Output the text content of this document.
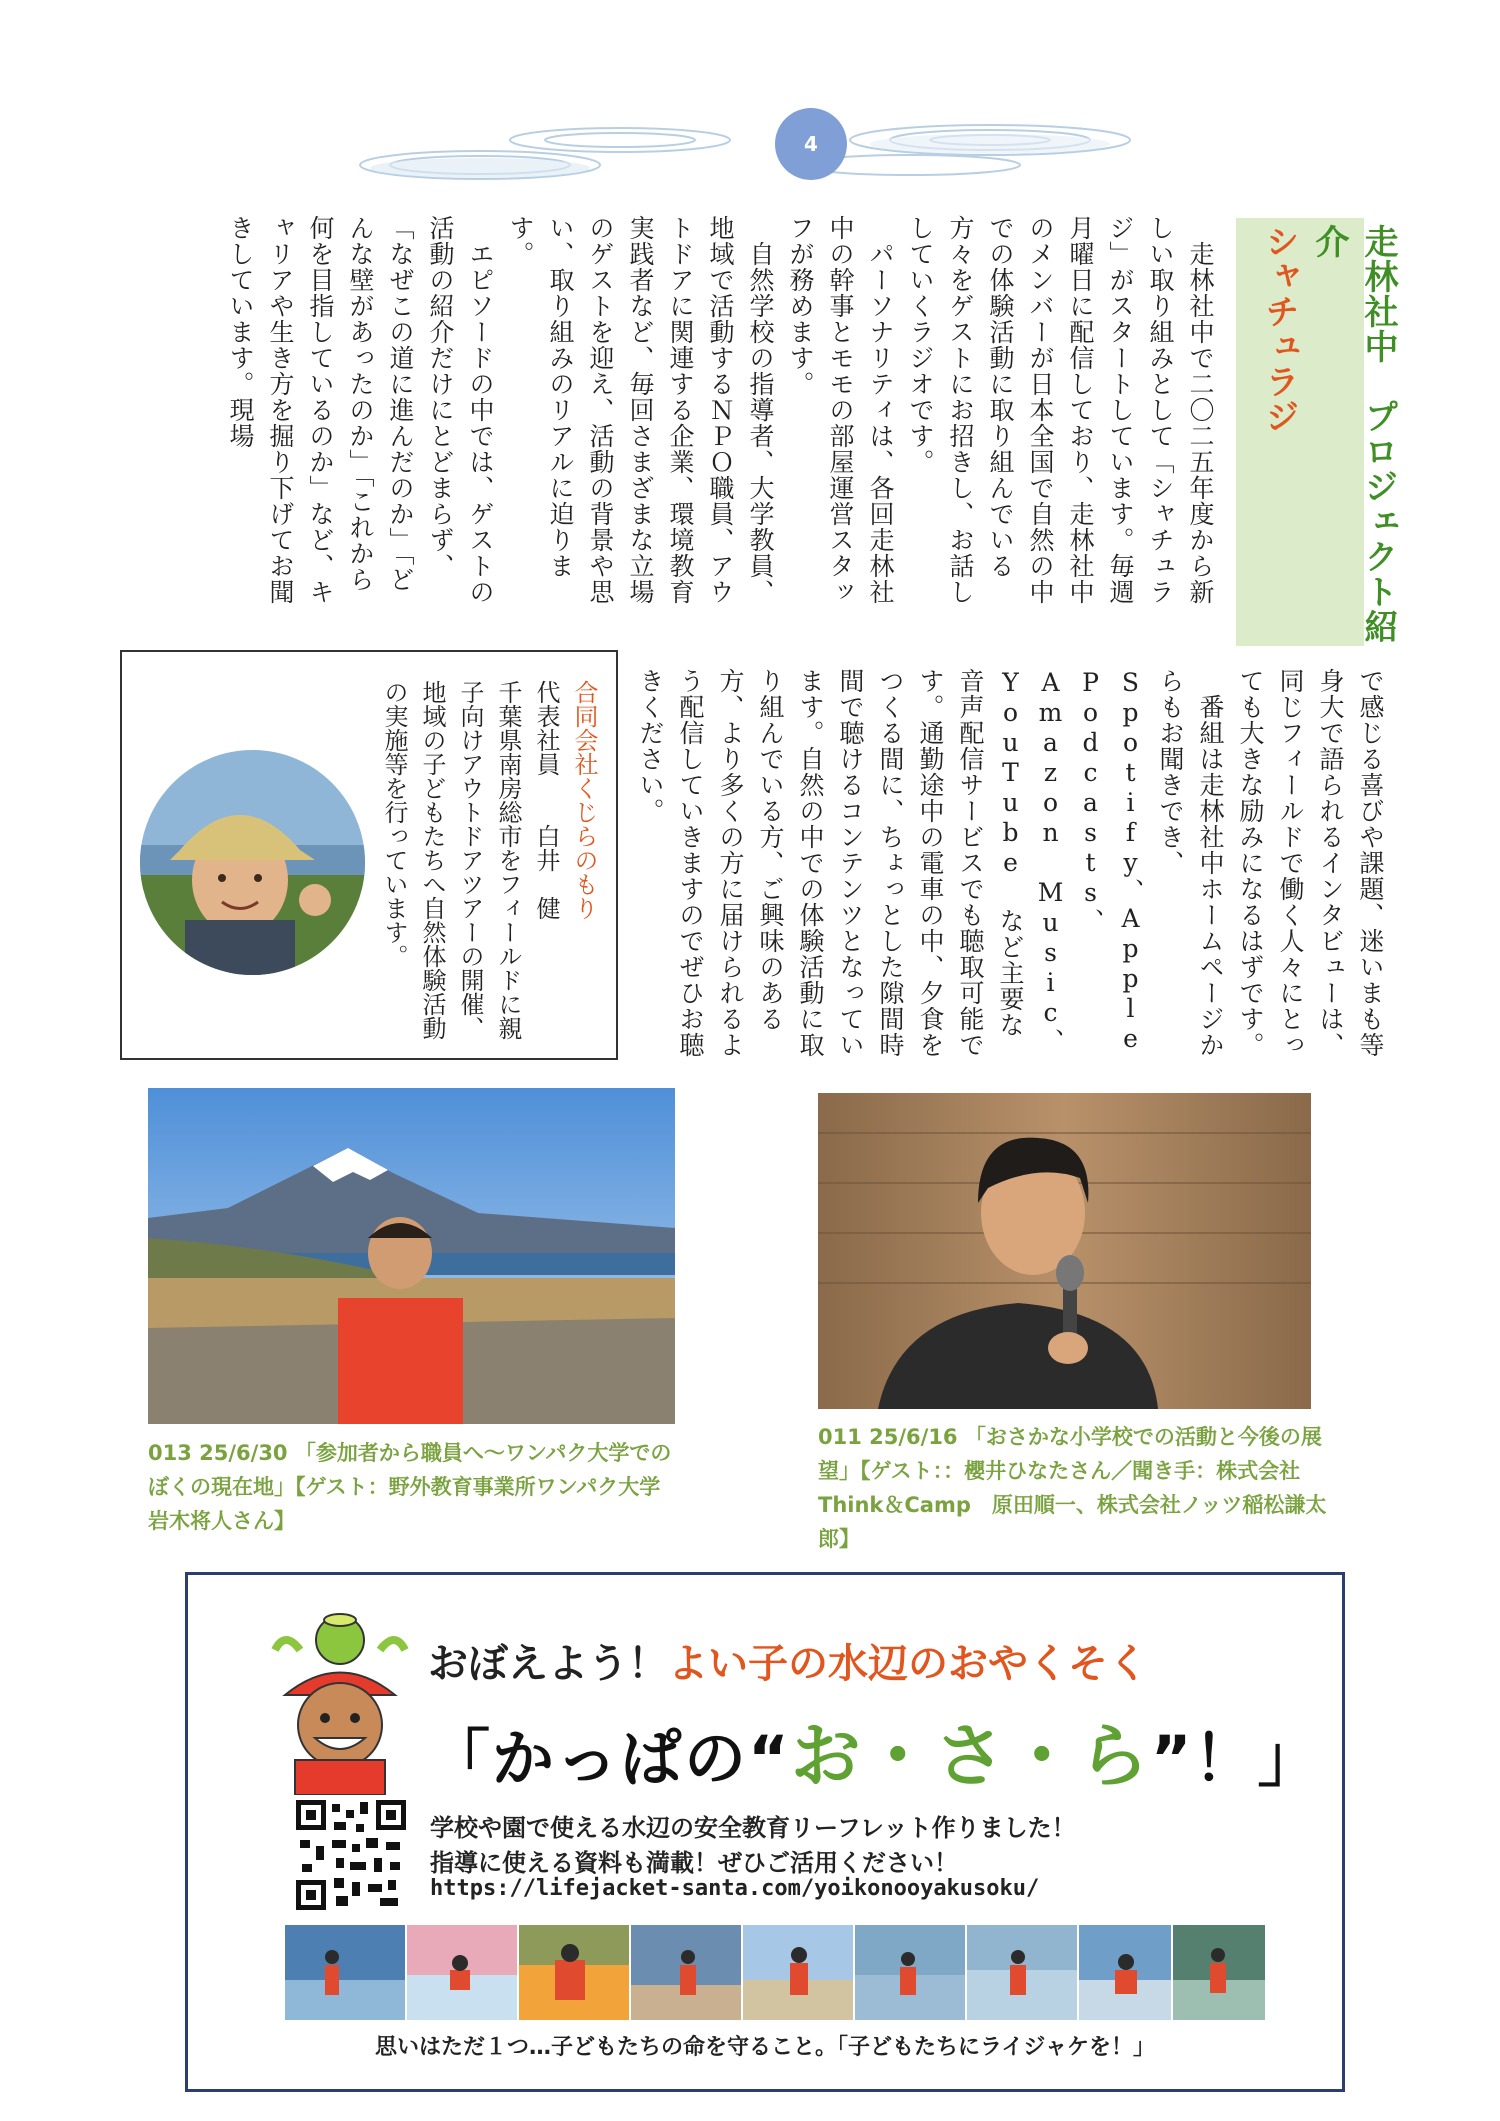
4
走林社中　プロジェクト紹介
シャチュラジ

　走林社中で二〇二五年度から新しい取り組みとして「シャチュラジ」がスタートしています。毎週月曜日に配信しており、走林社中のメンバーが日本全国で自然の中での体験活動に取り組んでいる方々をゲストにお招きし、お話ししていくラジオです。

　パーソナリティは、各回走林社中の幹事とモモの部屋運営スタッフが務めます。

　自然学校の指導者、大学教員、地域で活動するＮＰＯ職員、アウトドアに関連する企業、環境教育実践者など、毎回さまざまな立場のゲストを迎え、活動の背景や思い、取り組みのリアルに迫ります。

　エピソードの中では、ゲストの活動の紹介だけにとどまらず、「なぜこの道に進んだのか」「どんな壁があったのか」「これから何を目指しているのか」など、キャリアや生き方を掘り下げてお聞きしています。現場

で感じる喜びや課題、迷いまも等身大で語られるインタビューは、同じフィールドで働く人々にとっても大きな励みになるはずです。

　番組は走林社中ホームページからもお聞きでき、Spotify、Apple Podcasts、Amazon Music、YouTube など主要な音声配信サービスでも聴取可能です。通勤途中の電車の中、夕食をつくる間に、ちょっとした隙間時間で聴けるコンテンツとなっています。自然の中での体験活動に取り組んでいる方、ご興味のある方、より多くの方に届けられるよう配信していきますのでぜひお聴きください。

合同会社くじらのもり
代表社員　　白井　健
千葉県南房総市をフィールドに親子向けアウトドアツアーの開催、地域の子どもたちへ自然体験活動の実施等を行っています。
013 25/6/30 「参加者から職員へ～ワンパク大学でのぼくの現在地」【ゲスト：野外教育事業所ワンパク大学　岩木将人さん】
011 25/6/16 「おさかな小学校での活動と今後の展望」【ゲスト：：櫻井ひなたさん／聞き手：株式会社Think＆Camp　原田順一、株式会社ノッツ稲松謙太郎】
おぼえよう！よい子の水辺のおやくそく
「かっぱの“お・さ・ら”！」
学校や園で使える水辺の安全教育リーフレット作りました！
指導に使える資料も満載！ぜひご活用ください！
https://lifejacket-santa.com/yoikonooyakusoku/
思いはただ１つ…子どもたちの命を守ること。「子どもたちにライジャケを！」
